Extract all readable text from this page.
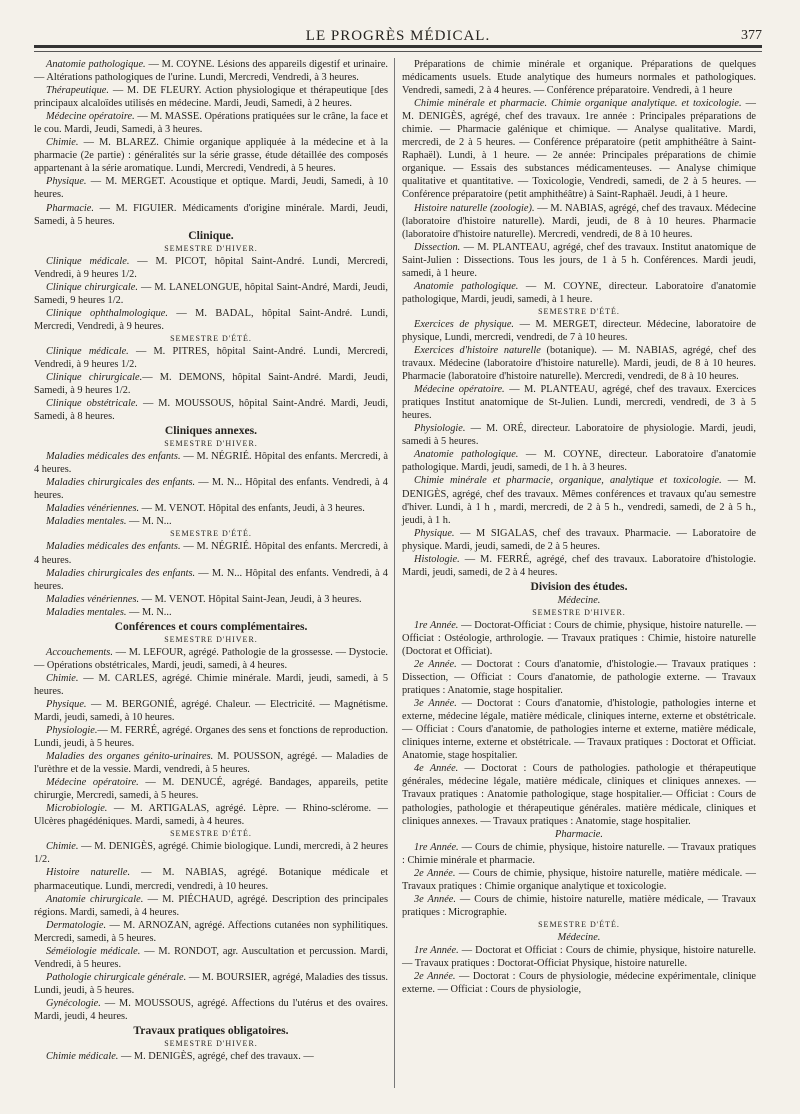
LE PROGRÈS MÉDICAL.	377

Anatomie pathologique. — M. COYNE. Lésions des appareils digestif et urinaire. — Altérations pathologiques de l'urine. Lundi, Mercredi, Vendredi, à 3 heures.

Thérapeutique. — M. DE FLEURY. Action physiologique et thérapeutique [des principaux alcaloïdes utilisés en médecine. Mardi, Jeudi, Samedi, à 2 heures.

Médecine opératoire. — M. MASSE. Opérations pratiquées sur le crâne, la face et le cou. Mardi, Jeudi, Samedi, à 3 heures.

Chimie. — M. BLAREZ. Chimie organique appliquée à la médecine et à la pharmacie (2e partie) : généralités sur la série grasse, étude détaillée des composés appartenant à la série aromatique. Lundi, Mercredi, Vendredi, à 5 heures.

Physique. — M. MERGET. Acoustique et optique. Mardi, Jeudi, Samedi, à 10 heures.

Pharmacie. — M. FIGUIER. Médicaments d'origine minérale. Mardi, Jeudi, Samedi, à 5 heures.

Clinique.

SEMESTRE D'HIVER.

Clinique médicale. — M. PICOT, hôpital Saint-André. Lundi, Mercredi, Vendredi, à 9 heures 1/2.

Clinique chirurgicale. — M. LANELONGUE, hôpital Saint-André, Mardi, Jeudi, Samedi, 9 heures 1/2.

Clinique ophthalmologique. — M. BADAL, hôpital Saint-André. Lundi, Mercredi, Vendredi, à 9 heures.

SEMESTRE D'ÉTÉ.

Clinique médicale. — M. PITRES, hôpital Saint-André. Lundi, Mercredi, Vendredi, à 9 heures 1/2.

Clinique chirurgicale.— M. DEMONS, hôpital Saint-André. Mardi, Jeudi, Samedi, à 9 heures 1/2.

Clinique obstétricale. — M. MOUSSOUS, hôpital Saint-André. Mardi, Jeudi, Samedi, à 8 heures.

Cliniques annexes.

SEMESTRE D'HIVER.

Maladies médicales des enfants. — M. NÉGRIÉ. Hôpital des enfants. Mercredi, à 4 heures.

Maladies chirurgicales des enfants. — M. N... Hôpital des enfants. Vendredi, à 4 heures.

Maladies vénériennes. — M. VENOT. Hôpital des enfants, Jeudi, à 3 heures.

Maladies mentales. — M. N...

SEMESTRE D'ÉTÉ.

Maladies médicales des enfants. — M. NÉGRIÉ. Hôpital des enfants. Mercredi, à 4 heures.

Maladies chirurgicales des enfants. — M. N... Hôpital des enfants. Vendredi, à 4 heures.

Maladies vénériennes. — M. VENOT. Hôpital Saint-Jean, Jeudi, à 3 heures.

Maladies mentales. — M. N...

Conférences et cours complémentaires.

SEMESTRE D'HIVER.

Accouchements. — M. LEFOUR, agrégé. Pathologie de la grossesse. — Dystocie. — Opérations obstétricales, Mardi, jeudi, samedi, à 4 heures.

Chimie. — M. CARLES, agrégé. Chimie minérale. Mardi, jeudi, samedi, à 5 heures.

Physique. — M. BERGONIÉ, agrégé. Chaleur. — Electricité. — Magnétisme. Mardi, jeudi, samedi, à 10 heures.

Physiologie.— M. FERRÉ, agrégé. Organes des sens et fonctions de reproduction. Lundi, jeudi, à 5 heures.

Maladies des organes génito-urinaires. M. POUSSON, agrégé. — Maladies de l'urèthre et de la vessie. Mardi, vendredi, à 5 heures.

Médecine opératoire. — M. DENUCÉ, agrégé. Bandages, appareils, petite chirurgie, Mercredi, samedi, à 5 heures.

Microbiologie. — M. ARTIGALAS, agrégé. Lèpre. — Rhino-sclérome. — Ulcères phagédéniques. Mardi, samedi, à 4 heures.

SEMESTRE D'ÉTÉ.

Chimie. — M. DENIGÈS, agrégé. Chimie biologique. Lundi, mercredi, à 2 heures 1/2.

Histoire naturelle. — M. NABIAS, agrégé. Botanique médicale et pharmaceutique. Lundi, mercredi, vendredi, à 10 heures.

Anatomie chirurgicale. — M. PIÉCHAUD, agrégé. Description des principales régions. Mardi, samedi, à 4 heures.

Dermatologie. — M. ARNOZAN, agrégé. Affections cutanées non syphilitiques. Mercredi, samedi, à 5 heures.

Séméiologie médicale. — M. RONDOT, agr. Auscultation et percussion. Mardi, Vendredi, à 5 heures.

Pathologie chirurgicale générale. — M. BOURSIER, agrégé, Maladies des tissus. Lundi, jeudi, à 5 heures.

Gynécologie. — M. MOUSSOUS, agrégé. Affections du l'utérus et des ovaires. Mardi, jeudi, 4 heures.

Travaux pratiques obligatoires.

SEMESTRE D'HIVER.

Chimie médicale. — M. DENIGÈS, agrégé, chef des travaux. —

Préparations de chimie minérale et organique. Préparations de quelques médicaments usuels. Etude analytique des humeurs normales et pathologiques. Vendredi, samedi, 2 à 4 heures. — Conférence préparatoire. Vendredi, à 1 heure

Chimie minérale et pharmacie. Chimie organique analytique. et toxicologie. — M. DENIGÈS, agrégé, chef des travaux. 1re année : Principales préparations de chimie. — Pharmacie galénique et chimique. — Analyse qualitative. Mardi, mercredi, de 2 à 5 heures. — Conférence préparatoire (petit amphithéâtre à Saint-Raphaël). Lundi, à 1 heure. — 2e année: Principales préparations de chimie organique. — Essais des substances médicamenteuses. — Analyse chimique qualitative et quantitative. — Toxicologie, Vendredi, samedi, de 2 à 5 heures. — Conférence préparatoire (petit amphithéâtre) à Saint-Raphaël. Jeudi, à 1 heure.

Histoire naturelle (zoologie). — M. NABIAS, agrégé, chef des travaux. Médecine (laboratoire d'histoire naturelle). Mardi, jeudi, de 8 à 10 heures. Pharmacie (laboratoire d'histoire naturelle). Mercredi, vendredi, de 8 à 10 heures.

Dissection. — M. PLANTEAU, agrégé, chef des travaux. Institut anatomique de Saint-Julien : Dissections. Tous les jours, de 1 à 5 h. Conférences. Mardi jeudi, samedi, à 1 heure.

Anatomie pathologique. — M. COYNE, directeur. Laboratoire d'anatomie pathologique, Mardi, jeudi, samedi, à 1 heure.

SEMESTRE D'ÉTÉ.

Exercices de physique. — M. MERGET, directeur. Médecine, laboratoire de physique, Lundi, mercredi, vendredi, de 7 à 10 heures.

Exercices d'histoire naturelle (botanique). — M. NABIAS, agrégé, chef des travaux. Médecine (laboratoire d'histoire naturelle). Mardi, jeudi, de 8 à 10 heures. Pharmacie (laboratoire d'histoire naturelle). Mercredi, vendredi, de 8 à 10 heures.

Médecine opératoire. — M. PLANTEAU, agrégé, chef des travaux. Exercices pratiques Institut anatomique de St-Julien. Lundi, mercredi, vendredi, de 3 à 5 heures.

Physiologie. — M. ORÉ, directeur. Laboratoire de physiologie. Mardi, jeudi, samedi à 5 heures.

Anatomie pathologique. — M. COYNE, directeur. Laboratoire d'anatomie pathologique. Mardi, jeudi, samedi, de 1 h. à 3 heures.

Chimie minérale et pharmacie, organique, analytique et toxicologie. — M. DENIGÈS, agrégé, chef des travaux. Mêmes conférences et travaux qu'au semestre d'hiver. Lundi, à 1 h , mardi, mercredi, de 2 à 5 h., vendredi, samedi, de 2 à 5 h., jeudi, à 1 h.

Physique. — M SIGALAS, chef des travaux. Pharmacie. — Laboratoire de physique. Mardi, jeudi, samedi, de 2 à 5 heures.

Histologie. — M. FERRÉ, agrégé, chef des travaux. Laboratoire d'histologie. Mardi, jeudi, samedi, de 2 à 4 heures.

Division des études.

Médecine.

SEMESTRE D'HIVER.

1re Année. — Doctorat-Officiat : Cours de chimie, physique, histoire naturelle. — Officiat : Ostéologie, arthrologie. — Travaux pratiques : Chimie, histoire naturelle (Doctorat et Officiat).

2e Année. — Doctorat : Cours d'anatomie, d'histologie.— Travaux pratiques : Dissection, — Officiat : Cours d'anatomie, de pathologie externe. — Travaux pratiques : Anatomie, stage hospitalier.

3e Année. — Doctorat : Cours d'anatomie, d'histologie, pathologies interne et externe, médecine légale, matière médicale, cliniques interne, externe et obstétricale. — Officiat : Cours d'anatomie, de pathologies interne et externe, matière médicale, cliniques interne, externe et obstétricale. — Travaux pratiques : Doctorat et Officiat. Anatomie, stage hospitalier.

4e Année. — Doctorat : Cours de pathologies. pathologie et thérapeutique générales, médecine légale, matière médicale, cliniques et cliniques annexes. — Travaux pratiques : Anatomie pathologique, stage hospitalier.— Officiat : Cours de pathologies, pathologie et thérapeutique générales. matière médicale, cliniques et cliniques annexes. — Travaux pratiques : Anatomie, stage hospitalier.

Pharmacie.

1re Année. — Cours de chimie, physique, histoire naturelle. — Travaux pratiques : Chimie minérale et pharmacie.

2e Année. — Cours de chimie, physique, histoire naturelle, matière médicale. — Travaux pratiques : Chimie organique analytique et toxicologie.

3e Année. — Cours de chimie, histoire naturelle, matière médicale, — Travaux pratiques : Micrographie.

SEMESTRE D'ÉTÉ.

Médecine.

1re Année. — Doctorat et Officiat : Cours de chimie, physique, histoire naturelle.— Travaux pratiques : Doctorat-Officiat Physique, histoire naturelle.

2e Année. — Doctorat : Cours de physiologie, médecine expérimentale, clinique externe. — Officiat : Cours de physiologie,
